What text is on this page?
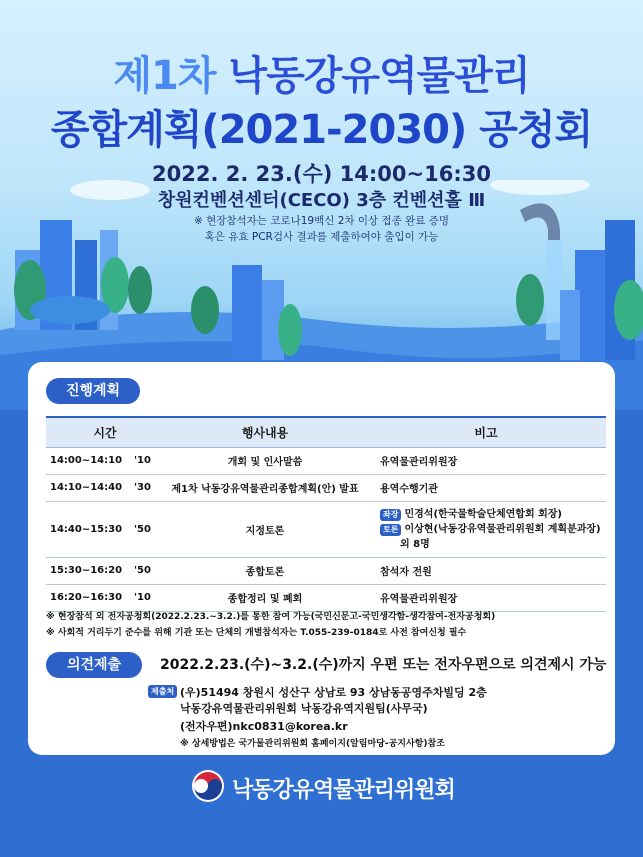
제1차 낙동강유역물관리
종합계획(2021-2030) 공청회
2022. 2. 23.(수) 14:00~16:30
창원컨벤션센터(CECO) 3층 컨벤션홀 Ⅲ
※ 현장참석자는 코로나19백신 2차 이상 접종 완료 증명
혹은 유효 PCR검사 결과를 제출하여야 출입이 가능
진행계획
시간		행사내용	비고
14:00~14:10	'10	개회 및 인사말씀	유역물관리위원장
14:10~14:40	'30	제1차 낙동강유역물관리종합계획(안) 발표	용역수행기관
14:40~15:30	'50	지정토론	좌장 민경석(한국물학술단체연합회 회장)
토론 이상현(낙동강유역물관리위원회 계획분과장)
외 8명

15:30~16:20	'50	종합토론	참석자 전원
16:20~16:30	'10	종합정리 및 폐회	유역물관리위원장
※ 현장참석 외 전자공청회(2022.2.23.~3.2.)를 통한 참여 가능(국민신문고-국민생각함-생각참여-전자공청회)
※ 사회적 거리두기 준수를 위해 기관 또는 단체의 개별참석자는 T.055-239-0184로 사전 참여신청 필수
의견제출	2022.2.23.(수)~3.2.(수)까지 우편 또는 전자우편으로 의견제시 가능
제출처 (우)51494 창원시 성산구 상남로 93 상남동공영주차빌딩 2층
낙동강유역물관리위원회 낙동강유역지원팀(사무국)
(전자우편)nkc0831@korea.kr
※ 상세방법은 국가물관리위원회 홈페이지(알림마당-공지사항)참조
낙동강유역물관리위원회
